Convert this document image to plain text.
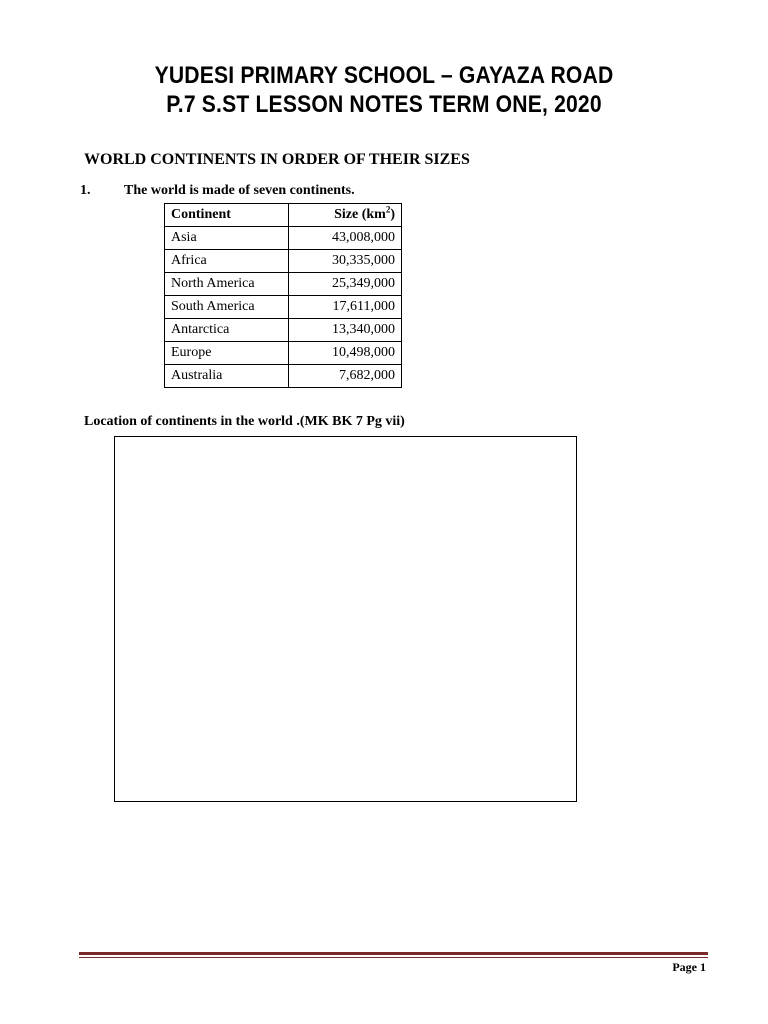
YUDESI PRIMARY SCHOOL – GAYAZA ROAD
P.7 S.ST LESSON NOTES TERM ONE, 2020
WORLD CONTINENTS IN ORDER OF THEIR SIZES
1. The world is made of seven continents.
Continent	Size $(km^2)$
Asia	43,008,000
Africa	30,335,000
North America	25,349,000
South America	17,611,000
Antarctica	13,340,000
Europe	10,498,000
Australia	7,682,000
Location of continents in the world .(MK BK 7 Pg vii)
Page 1
